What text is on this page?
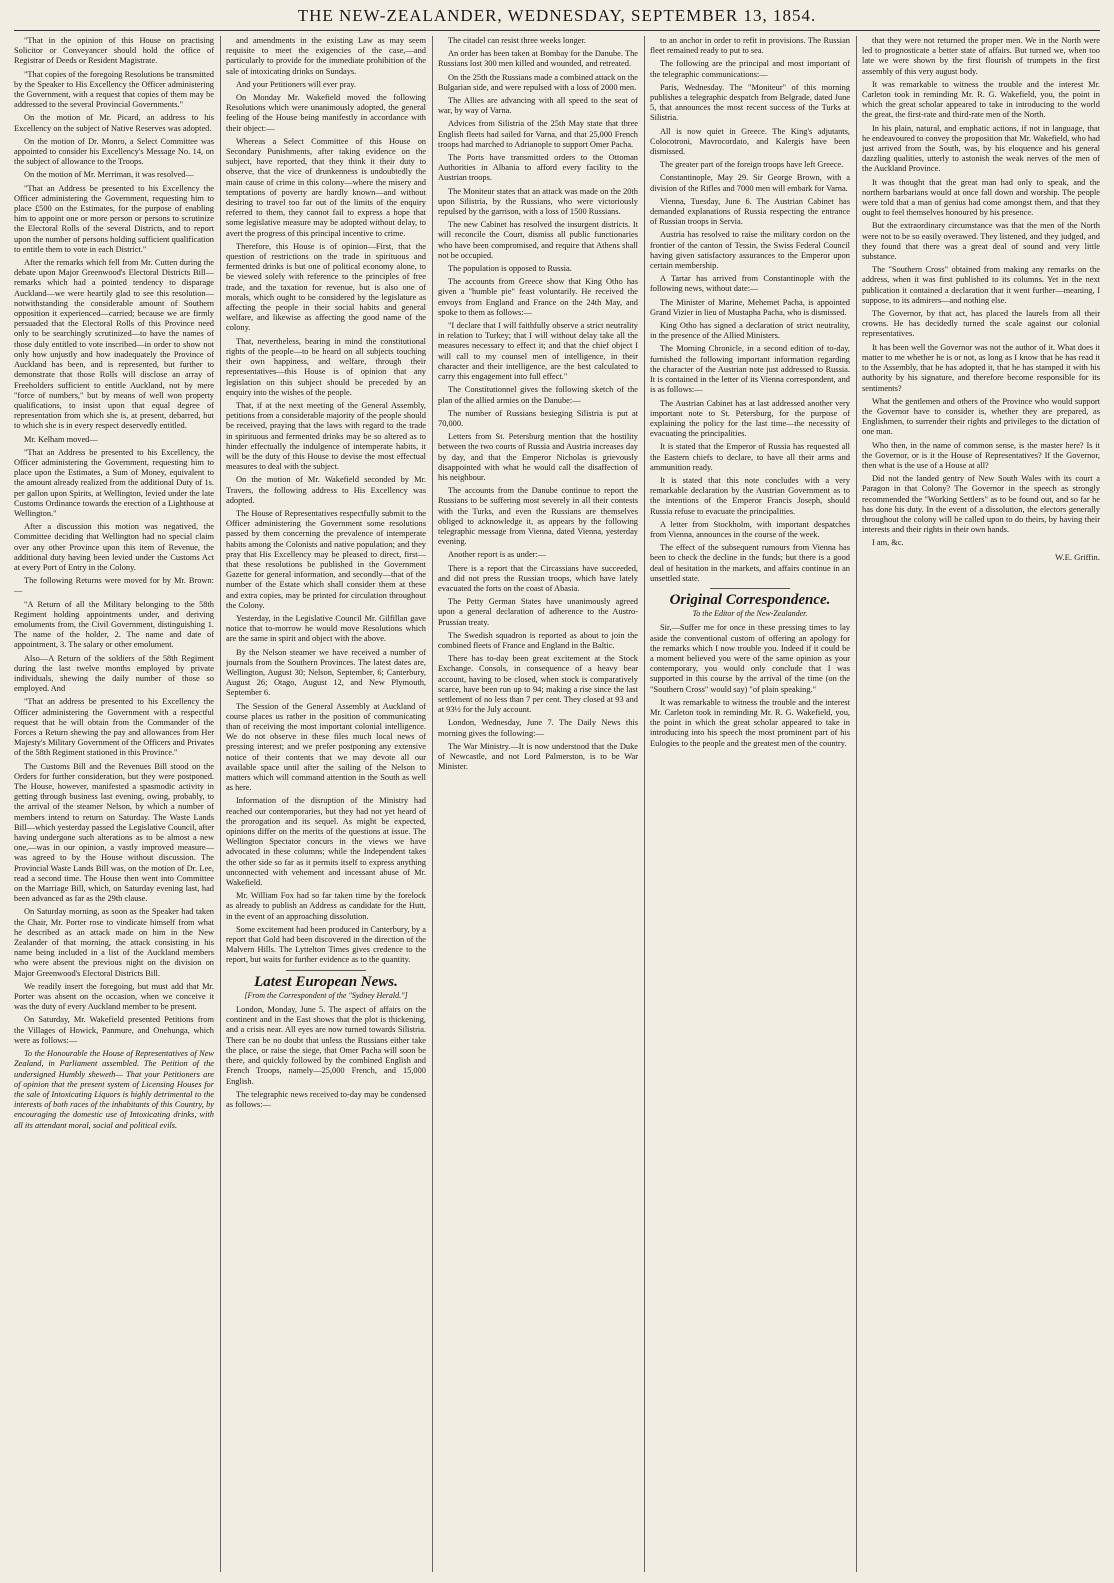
THE NEW-ZEALANDER, WEDNESDAY, SEPTEMBER 13, 1854.

"That in the opinion of this House on practising Solicitor or Conveyancer should hold the office of Registrar of Deeds or Resident Magistrate.

"That copies of the foregoing Resolutions be transmitted by the Speaker to His Excellency the Officer administering the Government, with a request that copies of them may be addressed to the several Provincial Governments."

On the motion of Mr. Picard, an address to his Excellency on the subject of Native Reserves was adopted.

On the motion of Dr. Monro, a Select Committee was appointed to consider his Excellency's Message No. 14, on the subject of allowance to the Troops.

On the motion of Mr. Merriman, it was resolved—

"That an Address be presented to his Excellency the Officer administering the Government, requesting him to place £500 on the Estimates, for the purpose of enabling him to appoint one or more person or persons to scrutinize the Electoral Rolls of the several Districts, and to report upon the number of persons holding sufficient qualification to entitle them to vote in each District."

After the remarks which fell from Mr. Cutten during the debate upon Major Greenwood's Electoral Districts Bill—remarks which had a pointed tendency to disparage Auckland—we were heartily glad to see this resolution—notwithstanding the considerable amount of Southern opposition it experienced—carried; because we are firmly persuaded that the Electoral Rolls of this Province need only to be searchingly scrutinized—to have the names of those duly entitled to vote inscribed—in order to show not only how unjustly and how inadequately the Province of Auckland has been, and is represented, but further to demonstrate that those Rolls will disclose an array of Freeholders sufficient to entitle Auckland, not by mere "force of numbers," but by means of well won property qualifications, to insist upon that equal degree of representation from which she is, at present, debarred, but to which she is in every respect deservedly entitled.

Mr. Kelham moved—

"That an Address be presented to his Excellency, the Officer administering the Government, requesting him to place upon the Estimates, a Sum of Money, equivalent to the amount already realized from the additional Duty of 1s. per gallon upon Spirits, at Wellington, levied under the late Customs Ordinance towards the erection of a Lighthouse at Wellington."

After a discussion this motion was negatived, the Committee deciding that Wellington had no special claim over any other Province upon this item of Revenue, the additional duty having been levied under the Customs Act at every Port of Entry in the Colony.

The following Returns were moved for by Mr. Brown:—

"A Return of all the Military belonging to the 58th Regiment holding appointments under, and deriving emoluments from, the Civil Government, distinguishing 1. The name of the holder, 2. The name and date of appointment, 3. The salary or other emolument.

Also—A Return of the soldiers of the 58th Regiment during the last twelve months employed by private individuals, shewing the daily number of those so employed. And

"That an address be presented to his Excellency the Officer administering the Government with a respectful request that he will obtain from the Commander of the Forces a Return shewing the pay and allowances from Her Majesty's Military Government of the Officers and Privates of the 58th Regiment stationed in this Province."

The Customs Bill and the Revenues Bill stood on the Orders for further consideration, but they were postponed. The House, however, manifested a spasmodic activity in getting through business last evening, owing, probably, to the arrival of the steamer Nelson, by which a number of members intend to return on Saturday. The Waste Lands Bill—which yesterday passed the Legislative Council, after having undergone such alterations as to be almost a new one,—was in our opinion, a vastly improved measure—was agreed to by the House without discussion. The Provincial Waste Lands Bill was, on the motion of Dr. Lee, read a second time. The House then went into Committee on the Marriage Bill, which, on Saturday evening last, had been advanced as far as the 29th clause.

On Saturday morning, as soon as the Speaker had taken the Chair, Mr. Porter rose to vindicate himself from what he described as an attack made on him in the New Zealander of that morning, the attack consisting in his name being included in a list of the Auckland members who were absent the previous night on the division on Major Greenwood's Electoral Districts Bill.

We readily insert the foregoing, but must add that Mr. Porter was absent on the occasion, when we conceive it was the duty of every Auckland member to be present.

On Saturday, Mr. Wakefield presented Petitions from the Villages of Howick, Panmure, and Onehunga, which were as follows:—

To the Honourable the House of Representatives of New Zealand, in Parliament assembled. The Petition of the undersigned Humbly sheweth— That your Petitioners are of opinion that the present system of Licensing Houses for the sale of Intoxicating Liquors is highly detrimental to the interests of both races of the inhabitants of this Country, by encouraging the domestic use of Intoxicating drinks, with all its attendant moral, social and political evils.

and amendments in the existing Law as may seem requisite to meet the exigencies of the case,—and particularly to provide for the immediate prohibition of the sale of intoxicating drinks on Sundays.

And your Petitioners will ever pray.

On Monday Mr. Wakefield moved the following Resolutions which were unanimously adopted, the general feeling of the House being manifestly in accordance with their object:—

Whereas a Select Committee of this House on Secondary Punishments, after taking evidence on the subject, have reported, that they think it their duty to observe, that the vice of drunkenness is undoubtedly the main cause of crime in this colony—where the misery and temptations of poverty are hardly known—and without desiring to travel too far out of the limits of the enquiry referred to them, they cannot fail to express a hope that some legislative measure may be adopted without delay, to avert the progress of this principal incentive to crime.

Therefore, this House is of opinion—First, that the question of restrictions on the trade in spirituous and fermented drinks is but one of political economy alone, to be viewed solely with reference to the principles of free trade, and the taxation for revenue, but is also one of morals, which ought to be considered by the legislature as affecting the people in their social habits and general welfare, and likewise as affecting the good name of the colony.

That, nevertheless, bearing in mind the constitutional rights of the people—to be heard on all subjects touching their own happiness, and welfare, through their representatives—this House is of opinion that any legislation on this subject should be preceded by an enquiry into the wishes of the people.

That, if at the next meeting of the General Assembly, petitions from a considerable majority of the people should be received, praying that the laws with regard to the trade in spirituous and fermented drinks may be so altered as to hinder effectually the indulgence of intemperate habits, it will be the duty of this House to devise the most effectual measures to deal with the subject.

On the motion of Mr. Wakefield seconded by Mr. Travers, the following address to His Excellency was adopted.

The House of Representatives respectfully submit to the Officer administering the Government some resolutions passed by them concerning the prevalence of intemperate habits among the Colonists and native population; and they pray that His Excellency may be pleased to direct, first—that these resolutions be published in the Government Gazette for general information, and secondly—that of the number of the Estate which shall consider them at these and extra copies, may be printed for circulation throughout the Colony.

Yesterday, in the Legislative Council Mr. Gilfillan gave notice that to-morrow he would move Resolutions which are the same in spirit and object with the above.

By the Nelson steamer we have received a number of journals from the Southern Provinces. The latest dates are, Wellington, August 30; Nelson, September, 6; Canterbury, August 26; Otago, August 12, and New Plymouth, September 6.

The Session of the General Assembly at Auckland of course places us rather in the position of communicating than of receiving the most important colonial intelligence. We do not observe in these files much local news of pressing interest; and we prefer postponing any extensive notice of their contents that we may devote all our available space until after the sailing of the Nelson to matters which will command attention in the South as well as here.

Information of the disruption of the Ministry had reached our contemporaries, but they had not yet heard of the prorogation and its sequel. As might be expected, opinions differ on the merits of the questions at issue. The Wellington Spectator concurs in the views we have advocated in these columns; while the Independent takes the other side so far as it permits itself to express anything unconnected with vehement and incessant abuse of Mr. Wakefield.

Mr. William Fox had so far taken time by the forelock as already to publish an Address as candidate for the Hutt, in the event of an approaching dissolution.

Some excitement had been produced in Canterbury, by a report that Gold had been discovered in the direction of the Malvern Hills. The Lyttelton Times gives credence to the report, but waits for further evidence as to the quantity.

Latest European News.
[From the Correspondent of the "Sydney Herald."]

London, Monday, June 5. The aspect of affairs on the continent and in the East shows that the plot is thickening, and a crisis near. All eyes are now turned towards Silistria. There can be no doubt that unless the Russians either take the place, or raise the siege, that Omer Pacha will soon be there, and quickly followed by the combined English and French Troops, namely—25,000 French, and 15,000 English.

The telegraphic news received to-day may be condensed as follows:—

The citadel can resist three weeks longer.

An order has been taken at Bombay for the Danube. The Russians lost 300 men killed and wounded, and retreated.

On the 25th the Russians made a combined attack on the Bulgarian side, and were repulsed with a loss of 2000 men.

The Allies are advancing with all speed to the seat of war, by way of Varna.

Advices from Silistria of the 25th May state that three English fleets had sailed for Varna, and that 25,000 French troops had marched to Adrianople to support Omer Pacha.

The Ports have transmitted orders to the Ottoman Authorities in Albania to afford every facility to the Austrian troops.

The Moniteur states that an attack was made on the 20th upon Silistria, by the Russians, who were victoriously repulsed by the garrison, with a loss of 1500 Russians.

The new Cabinet has resolved the insurgent districts. It will reconcile the Court, dismiss all public functionaries who have been compromised, and require that Athens shall not be occupied.

The population is opposed to Russia.

The accounts from Greece show that King Otho has given a "humble pie" feast voluntarily. He received the envoys from England and France on the 24th May, and spoke to them as follows:—

"I declare that I will faithfully observe a strict neutrality in relation to Turkey; that I will without delay take all the measures necessary to effect it; and that the chief object I will call to my counsel men of intelligence, in their character and their intelligence, are the best calculated to carry this engagement into full effect."

The Constitutionnel gives the following sketch of the plan of the allied armies on the Danube:—

The number of Russians besieging Silistria is put at 70,000.

Letters from St. Petersburg mention that the hostility between the two courts of Russia and Austria increases day by day, and that the Emperor Nicholas is grievously disappointed with what he would call the disaffection of his neighbour.

The accounts from the Danube continue to report the Russians to be suffering most severely in all their contests with the Turks, and even the Russians are themselves obliged to acknowledge it, as appears by the following telegraphic message from Vienna, dated Vienna, yesterday evening.

Another report is as under:—

There is a report that the Circassians have succeeded, and did not press the Russian troops, which have lately evacuated the forts on the coast of Abasia.

The Petty German States have unanimously agreed upon a general declaration of adherence to the Austro-Prussian treaty.

The Swedish squadron is reported as about to join the combined fleets of France and England in the Baltic.

There has to-day been great excitement at the Stock Exchange. Consols, in consequence of a heavy bear account, having to be closed, when stock is comparatively scarce, have been run up to 94; making a rise since the last settlement of no less than 7 per cent. They closed at 93 and at 93½ for the July account.

London, Wednesday, June 7. The Daily News this morning gives the following:—

The War Ministry.—It is now understood that the Duke of Newcastle, and not Lord Palmerston, is to be War Minister.

to an anchor in order to refit in provisions. The Russian fleet remained ready to put to sea.

The following are the principal and most important of the telegraphic communications:—

Paris, Wednesday. The "Moniteur" of this morning publishes a telegraphic despatch from Belgrade, dated June 5, that announces the most recent success of the Turks at Silistria.

All is now quiet in Greece. The King's adjutants, Colocotroni, Mavrocordato, and Kalergis have been dismissed.

The greater part of the foreign troops have left Greece.

Constantinople, May 29. Sir George Brown, with a division of the Rifles and 7000 men will embark for Varna.

Vienna, Tuesday, June 6. The Austrian Cabinet has demanded explanations of Russia respecting the entrance of Russian troops in Servia.

Austria has resolved to raise the military cordon on the frontier of the canton of Tessin, the Swiss Federal Council having given satisfactory assurances to the Emperor upon certain membership.

A Tartar has arrived from Constantinople with the following news, without date:—

The Minister of Marine, Mehemet Pacha, is appointed Grand Vizier in lieu of Mustapha Pacha, who is dismissed.

King Otho has signed a declaration of strict neutrality, in the presence of the Allied Ministers.

The Morning Chronicle, in a second edition of to-day, furnished the following important information regarding the character of the Austrian note just addressed to Russia. It is contained in the letter of its Vienna correspondent, and is as follows:—

The Austrian Cabinet has at last addressed another very important note to St. Petersburg, for the purpose of explaining the policy for the last time—the necessity of evacuating the principalities.

It is stated that the Emperor of Russia has requested all the Eastern chiefs to declare, to have all their arms and ammunition ready.

It is stated that this note concludes with a very remarkable declaration by the Austrian Government as to the intentions of the Emperor Francis Joseph, should Russia refuse to evacuate the principalities.

A letter from Stockholm, with important despatches from Vienna, announces in the course of the week.

The effect of the subsequent rumours from Vienna has been to check the decline in the funds; but there is a good deal of hesitation in the markets, and affairs continue in an unsettled state.

Original Correspondence.
To the Editor of the New-Zealander.

Sir,—Suffer me for once in these pressing times to lay aside the conventional custom of offering an apology for the remarks which I now trouble you. Indeed if it could be a moment believed you were of the same opinion as your contemporary, you would only conclude that I was supported in this course by the arrival of the time (on the "Southern Cross" would say) "of plain speaking."

It was remarkable to witness the trouble and the interest Mr. Carleton took in reminding Mr. R. G. Wakefield, you, the point in which the great scholar appeared to take in introducing into his speech the most prominent part of his Eulogies to the people and the greatest men of the country.

that they were not returned the proper men. We in the North were led to prognosticate a better state of affairs. But turned we, when too late we were shown by the first flourish of trumpets in the first assembly of this very august body.

It was remarkable to witness the trouble and the interest Mr. Carleton took in reminding Mr. R. G. Wakefield, you, the point in which the great scholar appeared to take in introducing to the world the great, the first-rate and third-rate men of the North.

In his plain, natural, and emphatic actions, if not in language, that he endeavoured to convey the proposition that Mr. Wakefield, who had just arrived from the South, was, by his eloquence and his general dazzling qualities, utterly to astonish the weak nerves of the men of the Auckland Province.

It was thought that the great man had only to speak, and the northern barbarians would at once fall down and worship. The people were told that a man of genius had come amongst them, and that they ought to feel themselves honoured by his presence.

But the extraordinary circumstance was that the men of the North were not to be so easily overawed. They listened, and they judged, and they found that there was a great deal of sound and very little substance.

The "Southern Cross" obtained from making any remarks on the address, when it was first published to its columns. Yet in the next publication it contained a declaration that it went further—meaning, I suppose, to its admirers—and nothing else.

The Governor, by that act, has placed the laurels from all their crowns. He has decidedly turned the scale against our colonial representatives.

It has been well the Governor was not the author of it. What does it matter to me whether he is or not, as long as I know that he has read it to the Assembly, that he has adopted it, that he has stamped it with his authority by his signature, and therefore become responsible for its sentiments?

What the gentlemen and others of the Province who would support the Governor have to consider is, whether they are prepared, as Englishmen, to surrender their rights and privileges to the dictation of one man.

Who then, in the name of common sense, is the master here? Is it the Governor, or is it the House of Representatives? If the Governor, then what is the use of a House at all?

Did not the landed gentry of New South Wales with its court a Paragon in that Colony? The Governor in the speech as strongly recommended the "Working Settlers" as to be found out, and so far he has done his duty. In the event of a dissolution, the electors generally throughout the colony will be called upon to do theirs, by having their interests and their rights in their own hands.

I am, &c.

W.E. Griffin.
